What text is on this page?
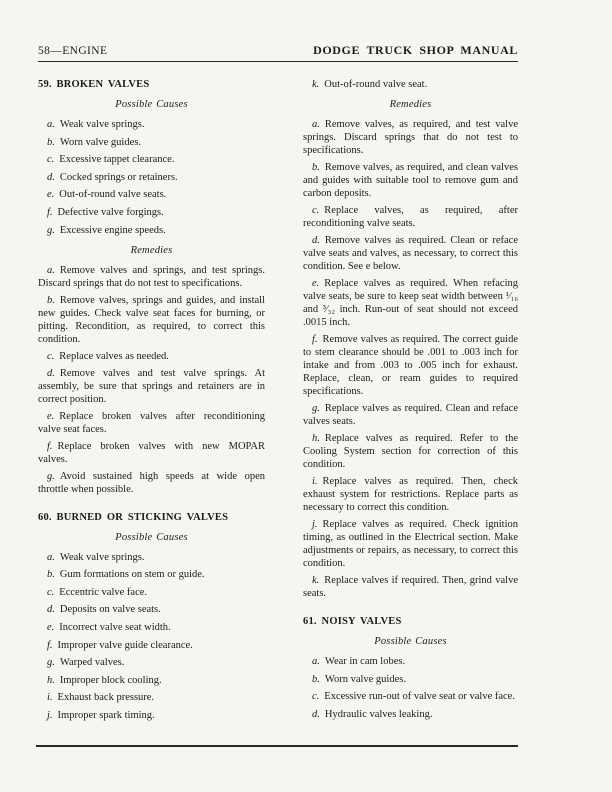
58—ENGINE	DODGE TRUCK SHOP MANUAL
59. BROKEN VALVES
Possible Causes

a. Weak valve springs.

b. Worn valve guides.

c. Excessive tappet clearance.

d. Cocked springs or retainers.

e. Out-of-round valve seats.

f. Defective valve forgings.

g. Excessive engine speeds.

Remedies

a. Remove valves and springs, and test springs. Discard springs that do not test to specifications.

b. Remove valves, springs and guides, and install new guides. Check valve seat faces for burning, or pitting. Recondition, as required, to correct this condition.

c. Replace valves as needed.

d. Remove valves and test valve springs. At assembly, be sure that springs and retainers are in correct position.

e. Replace broken valves after reconditioning valve seat faces.

f. Replace broken valves with new MOPAR valves.

g. Avoid sustained high speeds at wide open throttle when possible.

60. BURNED OR STICKING VALVES
Possible Causes

a. Weak valve springs.

b. Gum formations on stem or guide.

c. Eccentric valve face.

d. Deposits on valve seats.

e. Incorrect valve seat width.

f. Improper valve guide clearance.

g. Warped valves.

h. Improper block cooling.

i. Exhaust back pressure.

j. Improper spark timing.

k. Out-of-round valve seat.

Remedies

a. Remove valves, as required, and test valve springs. Discard springs that do not test to specifications.

b. Remove valves, as required, and clean valves and guides with suitable tool to remove gum and carbon deposits.

c. Replace valves, as required, after reconditioning valve seats.

d. Remove valves as required. Clean or reface valve seats and valves, as necessary, to correct this condition. See e below.

e. Replace valves as required. When refacing valve seats, be sure to keep seat width between ¹⁄₁₆ and ³⁄₃₂ inch. Run-out of seat should not exceed .0015 inch.

f. Remove valves as required. The correct guide to stem clearance should be .001 to .003 inch for intake and from .003 to .005 inch for exhaust. Replace, clean, or ream guides to required specifications.

g. Replace valves as required. Clean and reface valves seats.

h. Replace valves as required. Refer to the Cooling System section for correction of this condition.

i. Replace valves as required. Then, check exhaust system for restrictions. Replace parts as necessary to correct this condition.

j. Replace valves as required. Check ignition timing, as outlined in the Electrical section. Make adjustments or repairs, as necessary, to correct this condition.

k. Replace valves if required. Then, grind valve seats.

61. NOISY VALVES
Possible Causes

a. Wear in cam lobes.

b. Worn valve guides.

c. Excessive run-out of valve seat or valve face.

d. Hydraulic valves leaking.
